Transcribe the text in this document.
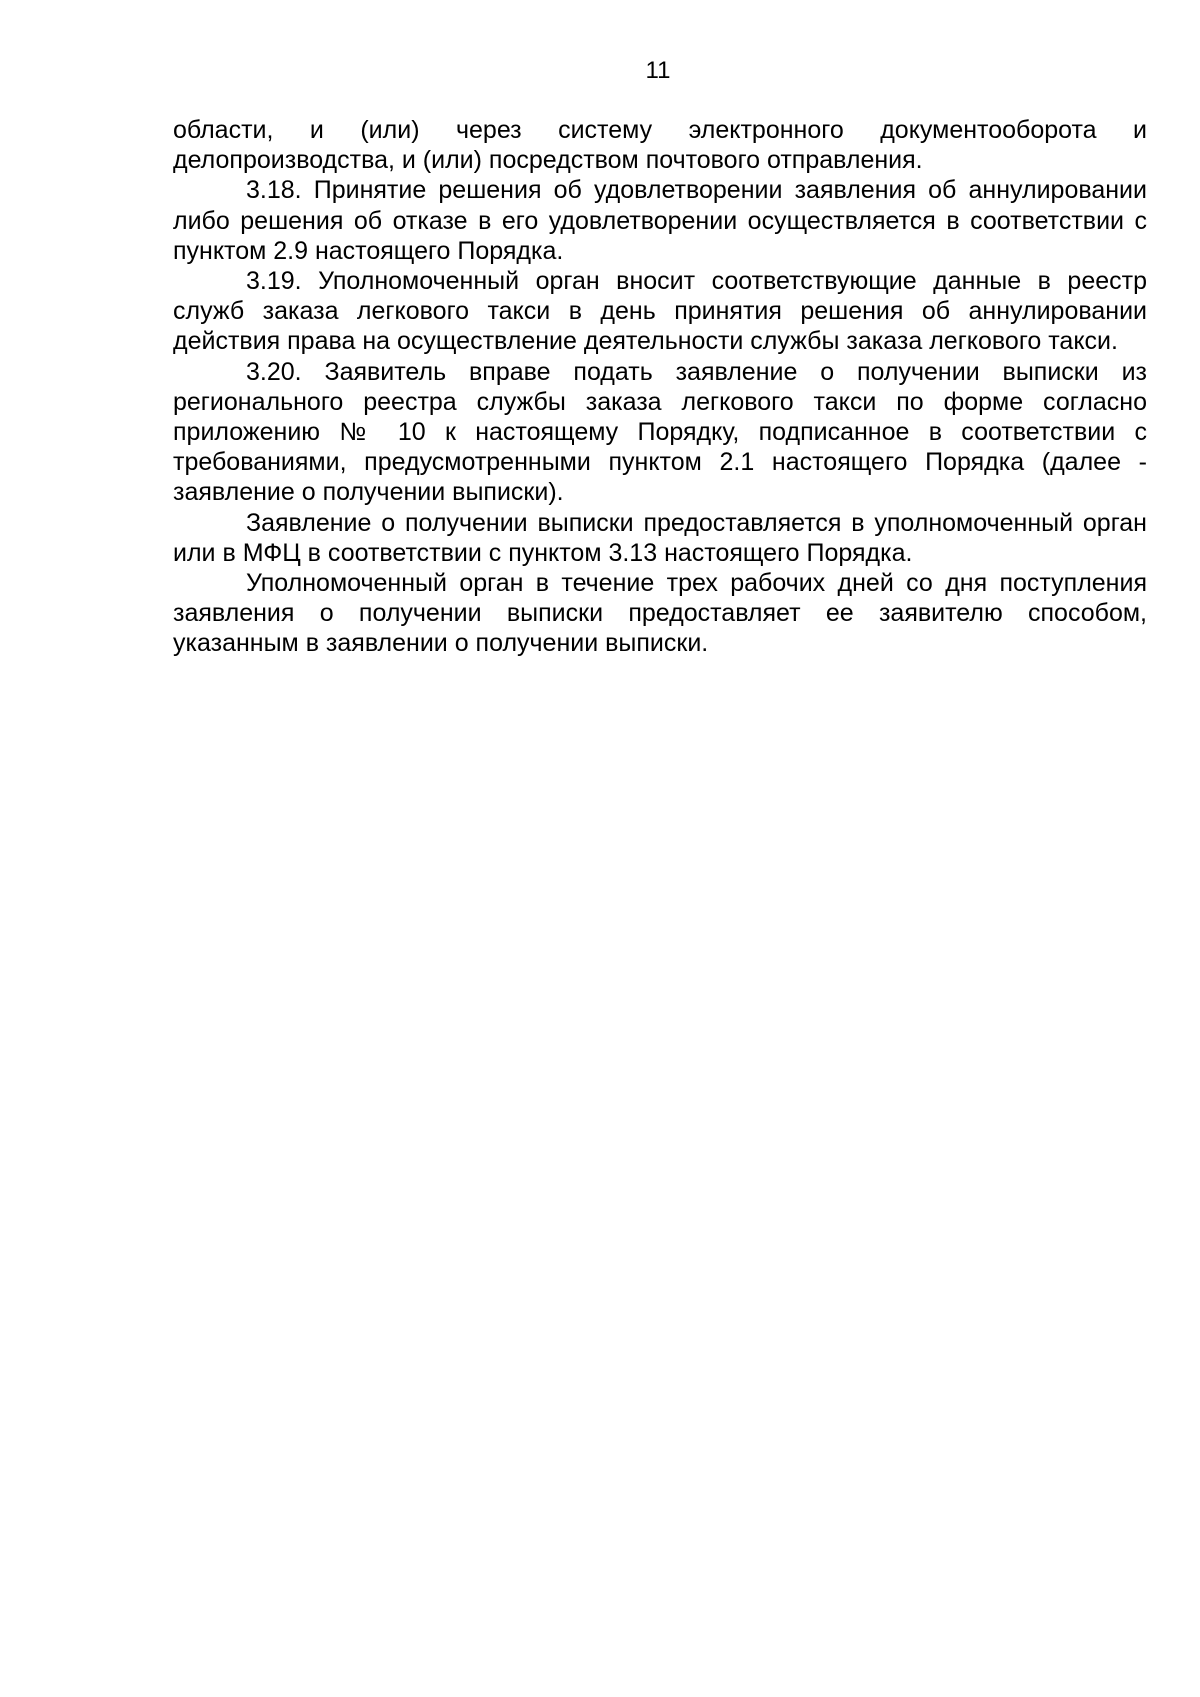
11

области, и (или) через систему электронного документооборота и делопроизводства, и (или) посредством почтового отправления.

3.18. Принятие решения об удовлетворении заявления об аннулировании либо решения об отказе в его удовлетворении осуществляется в соответствии с пунктом 2.9 настоящего Порядка.

3.19. Уполномоченный орган вносит соответствующие данные в реестр служб заказа легкового такси в день принятия решения об аннулировании действия права на осуществление деятельности службы заказа легкового такси.

3.20. Заявитель вправе подать заявление о получении выписки из регионального реестра службы заказа легкового такси по форме согласно приложению № 10 к настоящему Порядку, подписанное в соответствии с требованиями, предусмотренными пунктом 2.1 настоящего Порядка (далее - заявление о получении выписки).

Заявление о получении выписки предоставляется в уполномоченный орган или в МФЦ в соответствии с пунктом 3.13 настоящего Порядка.

Уполномоченный орган в течение трех рабочих дней со дня поступления заявления о получении выписки предоставляет ее заявителю способом, указанным в заявлении о получении выписки.
